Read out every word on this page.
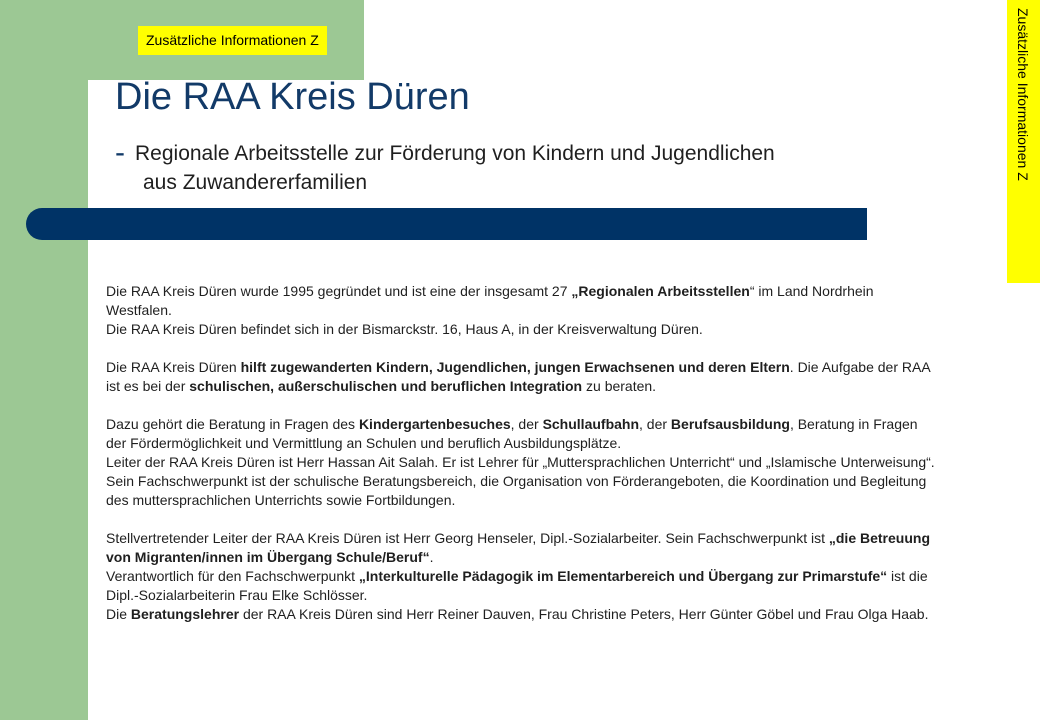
Zusätzliche Informationen Z	Zusätzliche Informationen Z
Die RAA Kreis Düren
- Regionale Arbeitsstelle zur Förderung von Kindern und Jugendlichen
aus Zuwandererfamilien

Die RAA Kreis Düren wurde 1995 gegründet und ist eine der insgesamt 27 „Regionalen Arbeitsstellen“ im Land Nordrhein Westfalen.

Die RAA Kreis Düren befindet sich in der Bismarckstr. 16, Haus A, in der Kreisverwaltung Düren.

Die RAA Kreis Düren hilft zugewanderten Kindern, Jugendlichen, jungen Erwachsenen und deren Eltern. Die Aufgabe der RAA ist es bei der schulischen, außerschulischen und beruflichen Integration zu beraten.

Dazu gehört die Beratung in Fragen des Kindergartenbesuches, der Schullaufbahn, der Berufsausbildung, Beratung in Fragen der Fördermöglichkeit und Vermittlung an Schulen und beruflich Ausbildungsplätze.

Leiter der RAA Kreis Düren ist Herr Hassan Ait Salah. Er ist Lehrer für „Muttersprachlichen Unterricht“ und „Islamische Unterweisung“. Sein Fachschwerpunkt ist der schulische Beratungsbereich, die Organisation von Förderangeboten, die Koordination und Begleitung des muttersprachlichen Unterrichts sowie Fortbildungen.

Stellvertretender Leiter der RAA Kreis Düren ist Herr Georg Henseler, Dipl.-Sozialarbeiter. Sein Fachschwerpunkt ist „die Betreuung von Migranten/innen im Übergang Schule/Beruf“.

Verantwortlich für den Fachschwerpunkt „Interkulturelle Pädagogik im Elementarbereich und Übergang zur Primarstufe“ ist die Dipl.-Sozialarbeiterin Frau Elke Schlösser.

Die Beratungslehrer der RAA Kreis Düren sind Herr Reiner Dauven, Frau Christine Peters, Herr Günter Göbel und Frau Olga Haab.
